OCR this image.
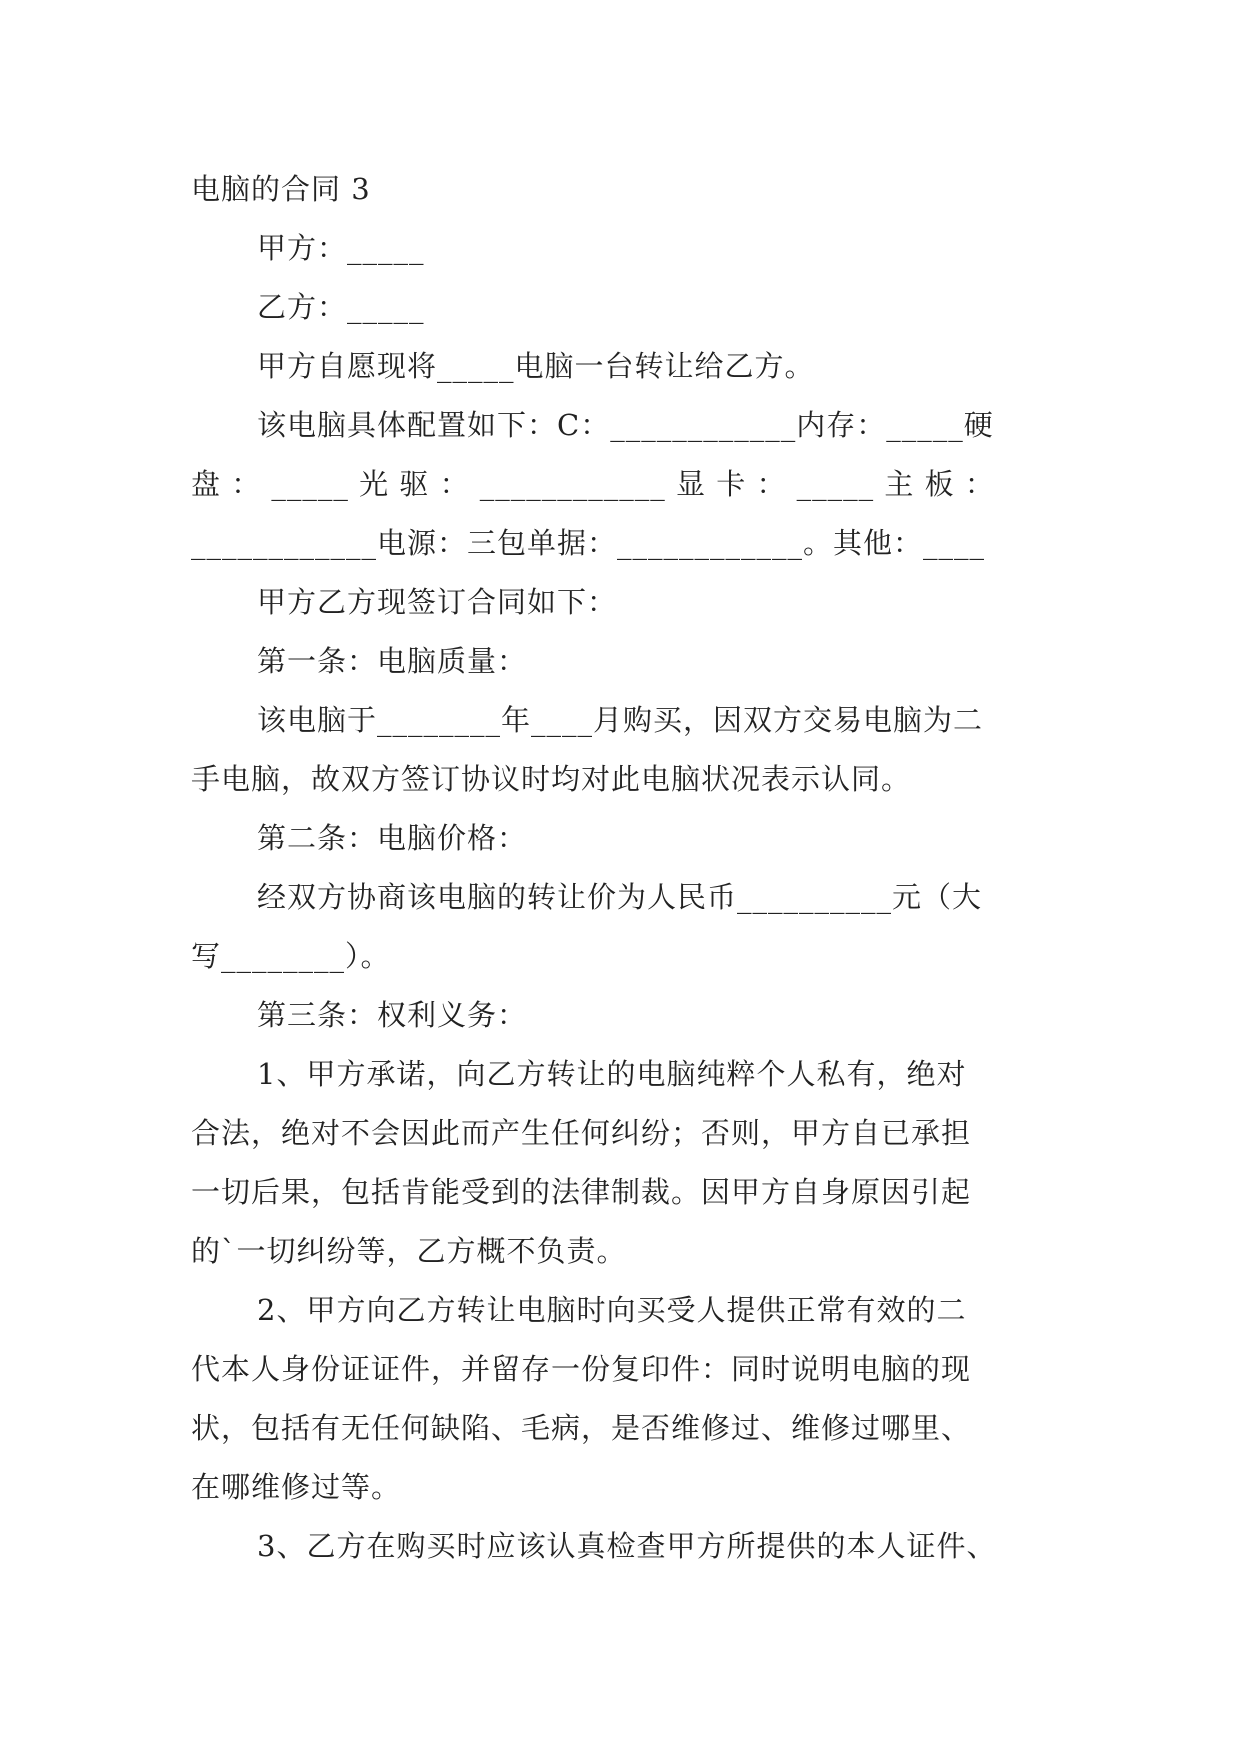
电脑的合同 3

甲方：_____

乙方：_____

甲方自愿现将_____电脑一台转让给乙方。

该电脑具体配置如下：C：____________内存：_____硬

盘 ： _____ 光 驱 ： ____________ 显 卡 ： _____ 主 板 ：

____________电源：三包单据：____________。其他：____

甲方乙方现签订合同如下：

第一条：电脑质量：

该电脑于________年____月购买，因双方交易电脑为二

手电脑，故双方签订协议时均对此电脑状况表示认同。

第二条：电脑价格：

经双方协商该电脑的转让价为人民币__________元（大

写________）。

第三条：权利义务：

1、甲方承诺，向乙方转让的电脑纯粹个人私有，绝对

合法，绝对不会因此而产生任何纠纷；否则，甲方自已承担

一切后果，包括肯能受到的法律制裁。因甲方自身原因引起

的`一切纠纷等，乙方概不负责。

2、甲方向乙方转让电脑时向买受人提供正常有效的二

代本人身份证证件，并留存一份复印件：同时说明电脑的现

状，包括有无任何缺陷、毛病，是否维修过、维修过哪里、

在哪维修过等。

3、乙方在购买时应该认真检查甲方所提供的本人证件、
